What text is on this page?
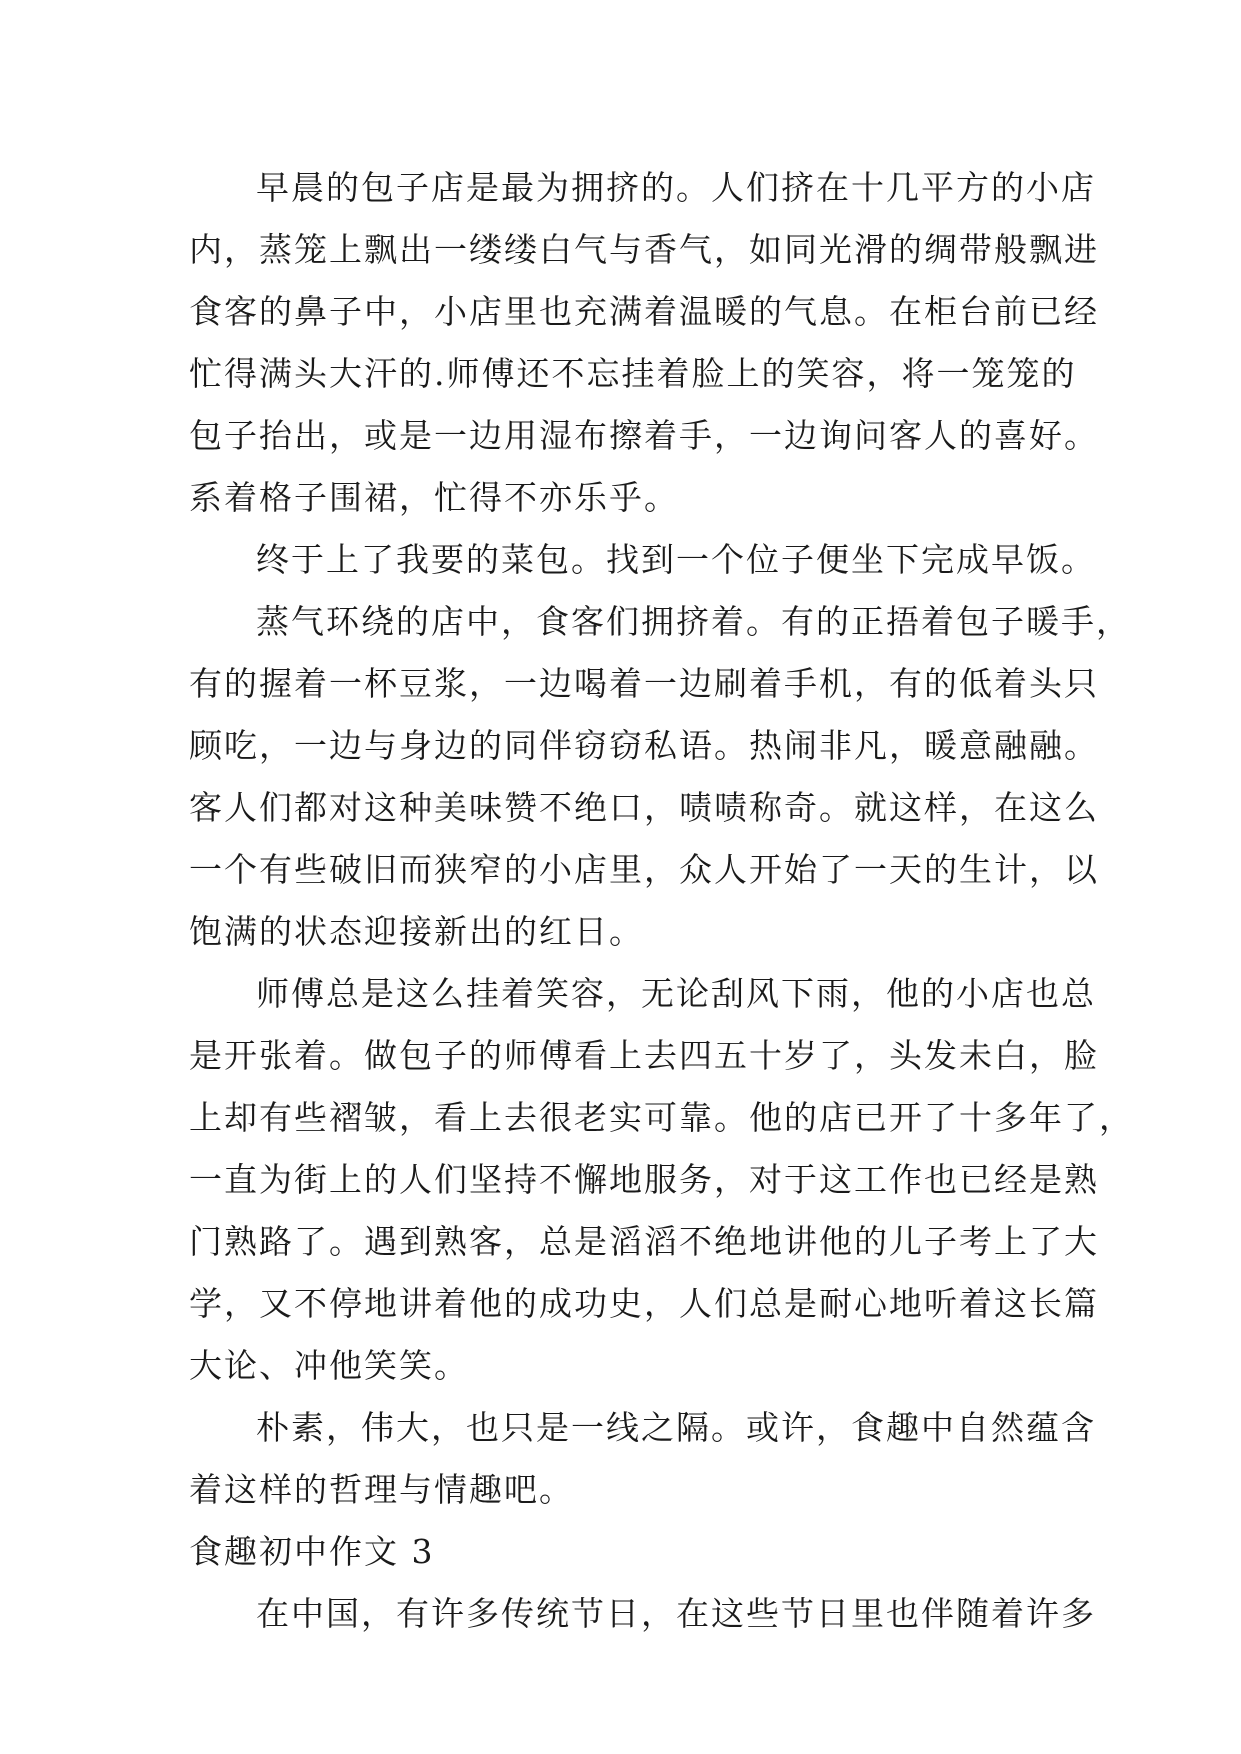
早晨的包子店是最为拥挤的。人们挤在十几平方的小店
内，蒸笼上飘出一缕缕白气与香气，如同光滑的绸带般飘进
食客的鼻子中，小店里也充满着温暖的气息。在柜台前已经
忙得满头大汗的.师傅还不忘挂着脸上的笑容，将一笼笼的
包子抬出，或是一边用湿布擦着手，一边询问客人的喜好。
系着格子围裙，忙得不亦乐乎。
终于上了我要的菜包。找到一个位子便坐下完成早饭。
蒸气环绕的店中，食客们拥挤着。有的正捂着包子暖手，
有的握着一杯豆浆，一边喝着一边刷着手机，有的低着头只
顾吃，一边与身边的同伴窃窃私语。热闹非凡，暖意融融。
客人们都对这种美味赞不绝口，啧啧称奇。就这样，在这么
一个有些破旧而狭窄的小店里，众人开始了一天的生计，以
饱满的状态迎接新出的红日。
师傅总是这么挂着笑容，无论刮风下雨，他的小店也总
是开张着。做包子的师傅看上去四五十岁了，头发未白，脸
上却有些褶皱，看上去很老实可靠。他的店已开了十多年了，
一直为街上的人们坚持不懈地服务，对于这工作也已经是熟
门熟路了。遇到熟客，总是滔滔不绝地讲他的儿子考上了大
学，又不停地讲着他的成功史，人们总是耐心地听着这长篇
大论、冲他笑笑。
朴素，伟大，也只是一线之隔。或许，食趣中自然蕴含
着这样的哲理与情趣吧。
食趣初中作文 3
在中国，有许多传统节日，在这些节日里也伴随着许多
